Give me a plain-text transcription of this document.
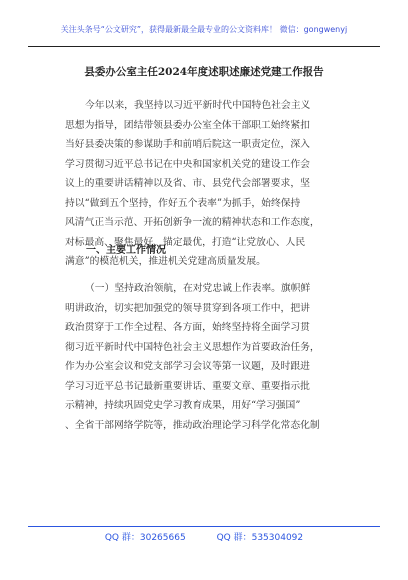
关注头条号“公文研究”，获得最新最全最专业的公文资料库！ 微信：gongwenyj
县委办公室主任2024年度述职述廉述党建工作报告
今年以来，我坚持以习近平新时代中国特色社会主义
思想为指导，团结带领县委办公室全体干部职工始终紧扣
当好县委决策的参谋助手和前哨后院这一职责定位，深入
学习贯彻习近平总书记在中央和国家机关党的建设工作会
议上的重要讲话精神以及省、市、县党代会部署要求，坚
持以“做到五个坚持，作好五个表率”为抓手，始终保持
风清气正当示范、开拓创新争一流的精神状态和工作态度，
对标最高、聚焦最好、锚定最优，打造“让党放心、人民
满意”的模范机关，推进机关党建高质量发展。
一、主要工作情况
（一）坚持政治领航，在对党忠诚上作表率。旗帜鲜
明讲政治，切实把加强党的领导贯穿到各项工作中，把讲
政治贯穿于工作全过程、各方面，始终坚持将全面学习贯
彻习近平新时代中国特色社会主义思想作为首要政治任务，
作为办公室会议和党支部学习会议等第一议题，及时跟进
学习习近平总书记最新重要讲话、重要文章、重要指示批
示精神，持续巩固党史学习教育成果，用好“学习强国”
、全省干部网络学院等，推动政治理论学习科学化常态化制
QQ 群：30265665	QQ 群：535304092
